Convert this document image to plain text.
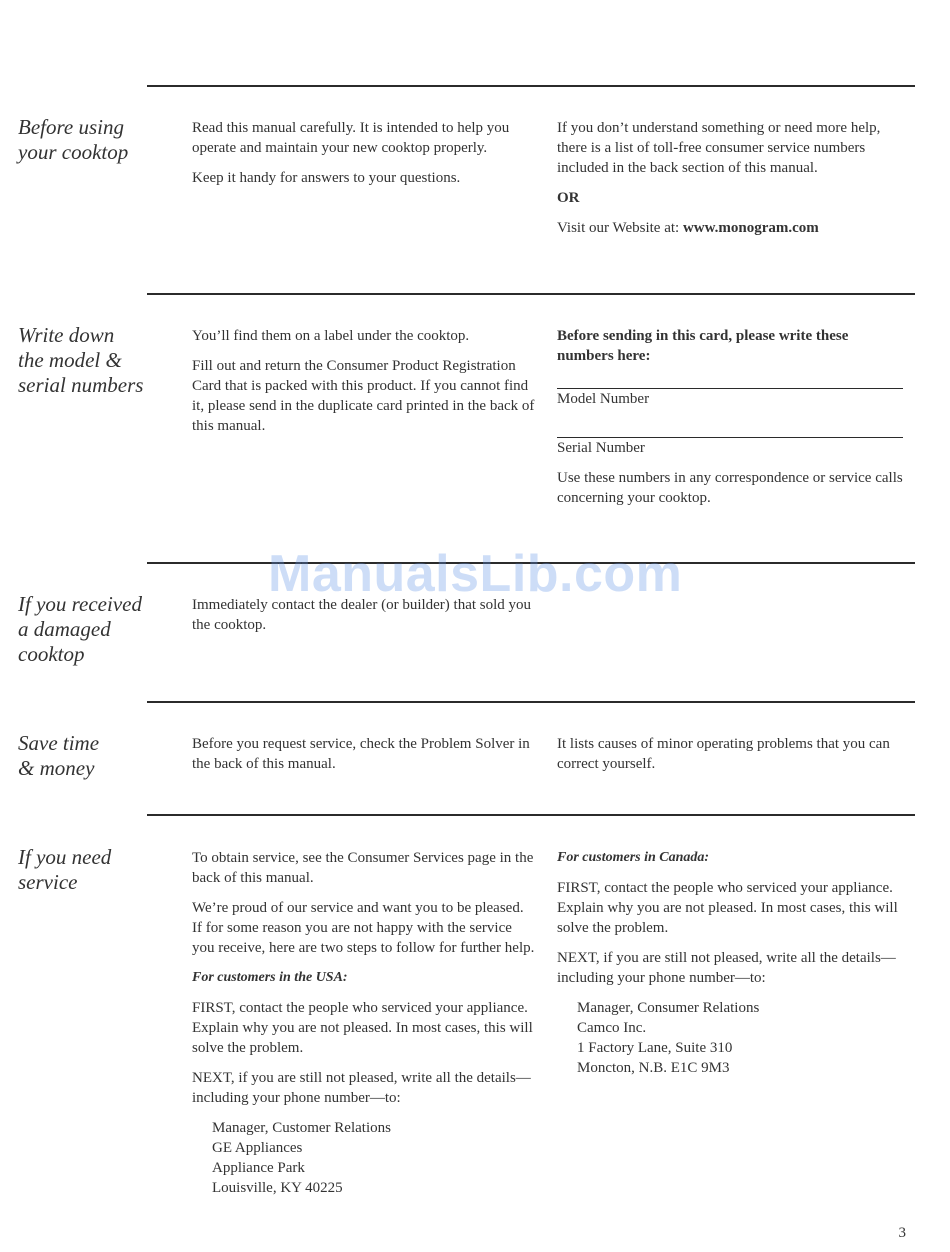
Before using
your cooktop

Read this manual carefully. It is intended to help you operate and maintain your new cooktop properly.

Keep it handy for answers to your questions.

If you don’t understand something or need more help, there is a list of toll-free consumer service numbers included in the back section of this manual.

OR

Visit our Website at: www.monogram.com

Write down
the model &
serial numbers

You’ll find them on a label under the cooktop.

Fill out and return the Consumer Product Registration Card that is packed with this product. If you cannot find it, please send in the duplicate card printed in the back of this manual.

Before sending in this card, please write these numbers here:

Model Number

Serial Number

Use these numbers in any correspondence or service calls concerning your cooktop.

If you received
a damaged
cooktop

Immediately contact the dealer (or builder) that sold you the cooktop.

Save time
& money

Before you request service, check the Problem Solver in the back of this manual.

It lists causes of minor operating problems that you can correct yourself.

If you need
service

To obtain service, see the Consumer Services page in the back of this manual.

We’re proud of our service and want you to be pleased. If for some reason you are not happy with the service you receive, here are two steps to follow for further help.

For customers in the USA:

FIRST, contact the people who serviced your appliance. Explain why you are not pleased. In most cases, this will solve the problem.

NEXT, if you are still not pleased, write all the details—including your phone number—to:

Manager, Customer Relations
GE Appliances
Appliance Park
Louisville, KY 40225

For customers in Canada:

FIRST, contact the people who serviced your appliance. Explain why you are not pleased. In most cases, this will solve the problem.

NEXT, if you are still not pleased, write all the details—including your phone number—to:

Manager, Consumer Relations
Camco Inc.
1 Factory Lane, Suite 310
Moncton, N.B. E1C 9M3

ManualsLib.com
3
